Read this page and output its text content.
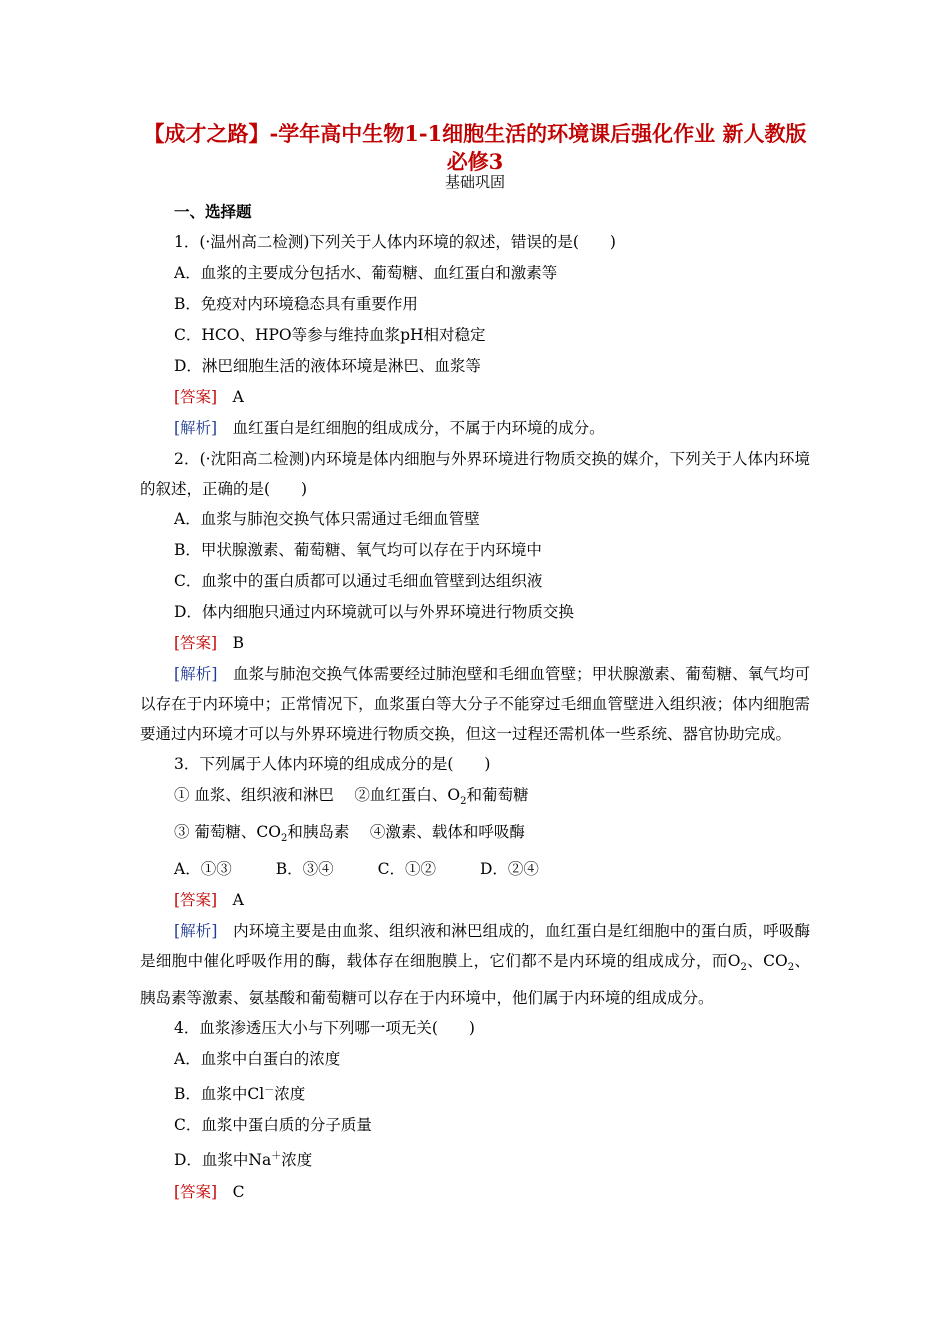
【成才之路】-学年高中生物1-1细胞生活的环境课后强化作业 新人教版必修3
基础巩固
一、选择题
1．(·温州高二检测)下列关于人体内环境的叙述，错误的是(　　)
A．血浆的主要成分包括水、葡萄糖、血红蛋白和激素等
B．免疫对内环境稳态具有重要作用
C．HCO、HPO等参与维持血浆pH相对稳定
D．淋巴细胞生活的液体环境是淋巴、血浆等
[答案]　 A
[解析]　 血红蛋白是红细胞的组成成分，不属于内环境的成分。
2．(·沈阳高二检测)内环境是体内细胞与外界环境进行物质交换的媒介，下列关于人体内环境的叙述，正确的是(　　)
A．血浆与肺泡交换气体只需通过毛细血管壁
B．甲状腺激素、葡萄糖、氧气均可以存在于内环境中
C．血浆中的蛋白质都可以通过毛细血管壁到达组织液
D．体内细胞只通过内环境就可以与外界环境进行物质交换
[答案]　 B
[解析]　 血浆与肺泡交换气体需要经过肺泡壁和毛细血管壁；甲状腺激素、葡萄糖、氧气均可以存在于内环境中；正常情况下，血浆蛋白等大分子不能穿过毛细血管壁进入组织液；体内细胞需要通过内环境才可以与外界环境进行物质交换，但这一过程还需机体一些系统、器官协助完成。
3．下列属于人体内环境的组成成分的是(　　)
① 血浆、组织液和淋巴　 ②血红蛋白、$O_2$和葡萄糖
③ 葡萄糖、$CO_2$和胰岛素　 ④激素、载体和呼吸酶
A．①③	B．③④	C．①②	D．②④
[答案]　 A
[解析]　 内环境主要是由血浆、组织液和淋巴组成的，血红蛋白是红细胞中的蛋白质，呼吸酶是细胞中催化呼吸作用的酶，载体存在细胞膜上，它们都不是内环境的组成成分，而$O_2$、$CO_2$、胰岛素等激素、氨基酸和葡萄糖可以存在于内环境中，他们属于内环境的组成成分。
4．血浆渗透压大小与下列哪一项无关(　　)
A．血浆中白蛋白的浓度
B．血浆中Cl－浓度
C．血浆中蛋白质的分子质量
D．血浆中Na＋浓度
[答案]　 C
